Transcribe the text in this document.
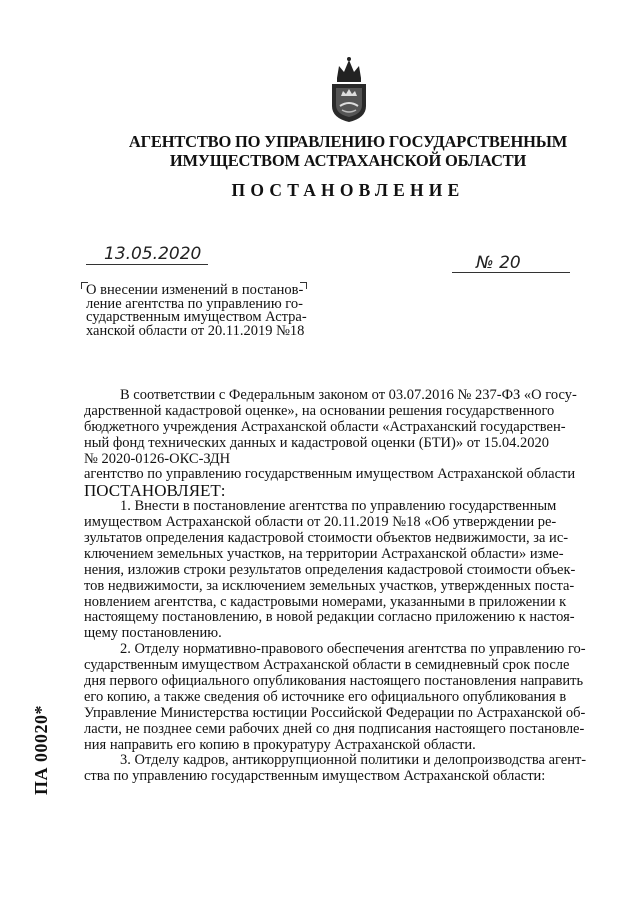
АГЕНТСТВО ПО УПРАВЛЕНИЮ ГОСУДАРСТВЕННЫМ
ИМУЩЕСТВОМ АСТРАХАНСКОЙ ОБЛАСТИ
ПОСТАНОВЛЕНИЕ
13.05.2020	№ 20
О внесении изменений в постанов-
ление агентства по управлению го-
сударственным имуществом Астра-
ханской области от 20.11.2019 №18
В соответствии с Федеральным законом от 03.07.2016 № 237-ФЗ «О госу-
дарственной кадастровой оценке», на основании решения государственного
бюджетного учреждения Астраханской области «Астраханский государствен-
ный фонд технических данных и кадастровой оценки (БТИ)» от 15.04.2020
№ 2020-0126-ОКС-ЗДН
агентство по управлению государственным имуществом Астраханской области
ПОСТАНОВЛЯЕТ:
1. Внести в постановление агентства по управлению государственным
имуществом Астраханской области от 20.11.2019 №18 «Об утверждении ре-
зультатов определения кадастровой стоимости объектов недвижимости, за ис-
ключением земельных участков, на территории Астраханской области» изме-
нения, изложив строки результатов определения кадастровой стоимости объек-
тов недвижимости, за исключением земельных участков, утвержденных поста-
новлением агентства, с кадастровыми номерами, указанными в приложении к
настоящему постановлению, в новой редакции согласно приложению к настоя-
щему постановлению.
2. Отделу нормативно-правового обеспечения агентства по управлению го-
сударственным имуществом Астраханской области в семидневный срок после
дня первого официального опубликования настоящего постановления направить
его копию, а также сведения об источнике его официального опубликования в
Управление Министерства юстиции Российской Федерации по Астраханской об-
ласти, не позднее семи рабочих дней со дня подписания настоящего постановле-
ния направить его копию в прокуратуру Астраханской области.
3. Отделу кадров, антикоррупционной политики и делопроизводства агент-
ства по управлению государственным имуществом Астраханской области:
ПА 00020*
